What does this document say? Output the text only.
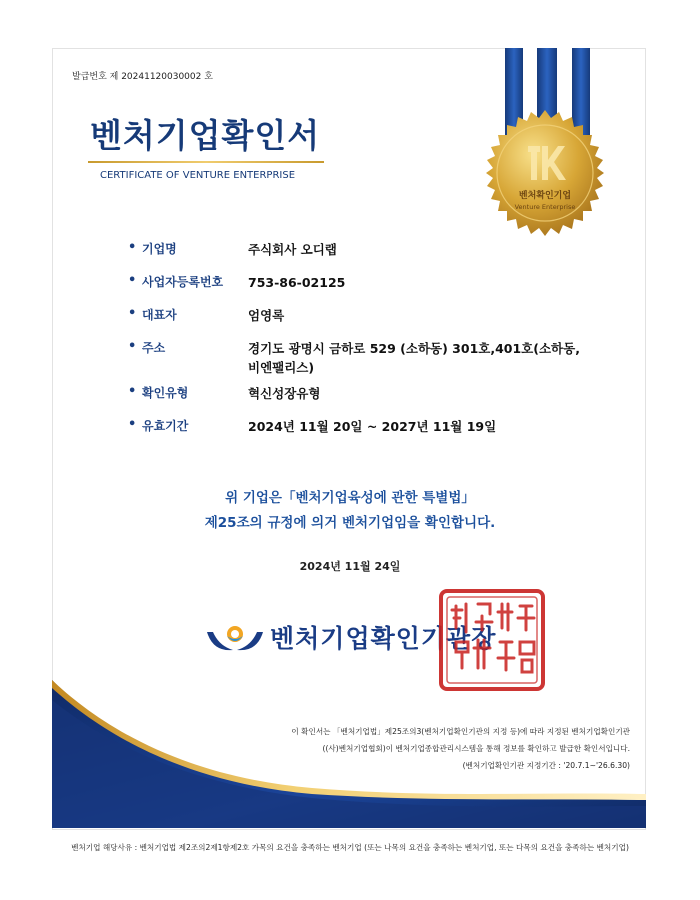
벤처확인기업
Venture Enterprise
발급번호 제 20241120030002 호
벤처기업확인서
CERTIFICATE OF VENTURE ENTERPRISE
• 기업명	주식회사 오디랩
• 사업자등록번호 753-86-02125
• 대표자	엄영록
• 주소	경기도 광명시 금하로 529 (소하동) 301호,401호(소하동, 비엔팰리스)
• 확인유형	혁신성장유형
• 유효기간	2024년 11월 20일 ~ 2027년 11월 19일
위 기업은「벤처기업육성에 관한 특별법」
제25조의 규정에 의거 벤처기업임을 확인합니다.
2024년 11월 24일
벤처기업확인기관장
이 확인서는 「벤처기업법」제25조의3(벤처기업확인기관의 지정 등)에 따라 지정된 벤처기업확인기관
((사)벤처기업협회)이 벤처기업종합관리시스템을 통해 정보를 확인하고 발급한 확인서입니다.
(벤처기업확인기관 지정기간 : '20.7.1~'26.6.30)
벤처기업 해당사유 : 벤처기업법 제2조의2제1항제2호 가목의 요건을 충족하는 벤처기업 (또는 나목의 요건을 충족하는 벤처기업, 또는 다목의 요건을 충족하는 벤처기업)
